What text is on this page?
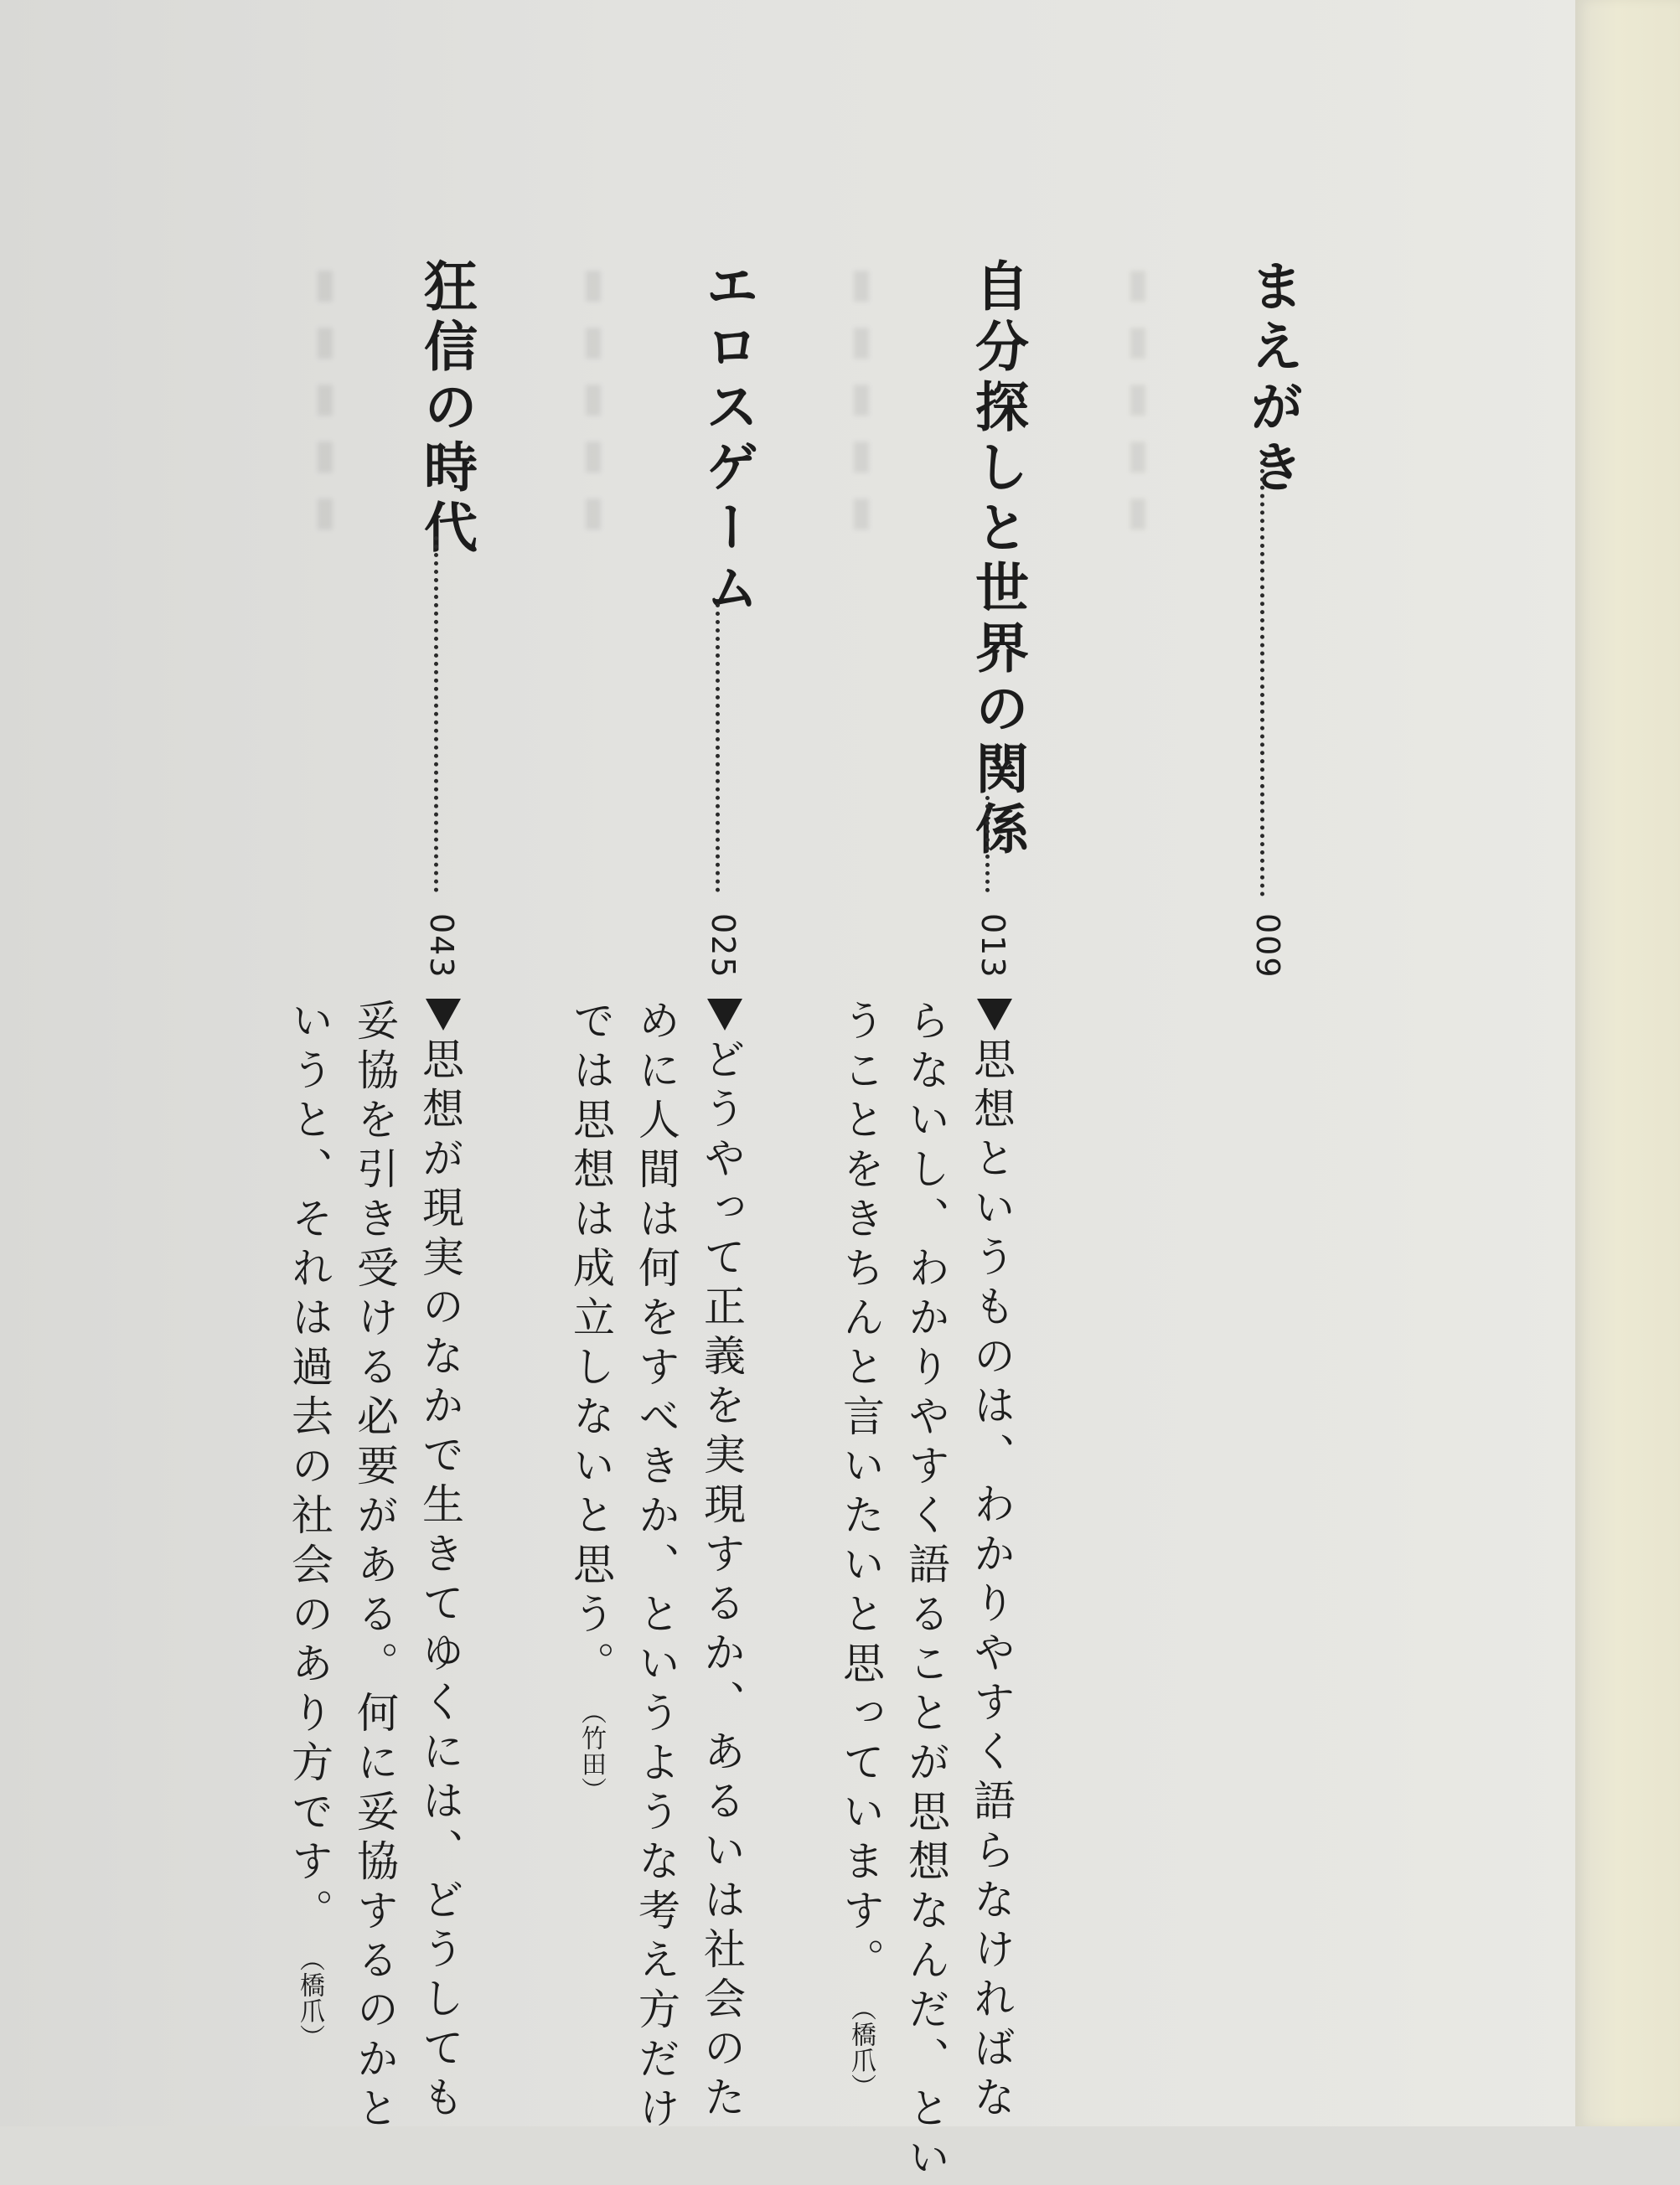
▮▮▮▮▮
▮▮▮▮▮
▮▮▮▮▮
▮▮▮▮▮	まえがき
009
自分探しと世界の関係
013
思想というものは、わかりやすく語らなければな
らないし、わかりやすく語ることが思想なんだ、とい
うことをきちんと言いたいと思っています。（橋爪）
エロスゲーム
025
どうやって正義を実現するか、あるいは社会のた
めに人間は何をすべきか、というような考え方だけ
では思想は成立しないと思う。（竹田）
狂信の時代
043
思想が現実のなかで生きてゆくには、どうしても
妥協を引き受ける必要がある。何に妥協するのかと
いうと、それは過去の社会のあり方です。（橋爪）
